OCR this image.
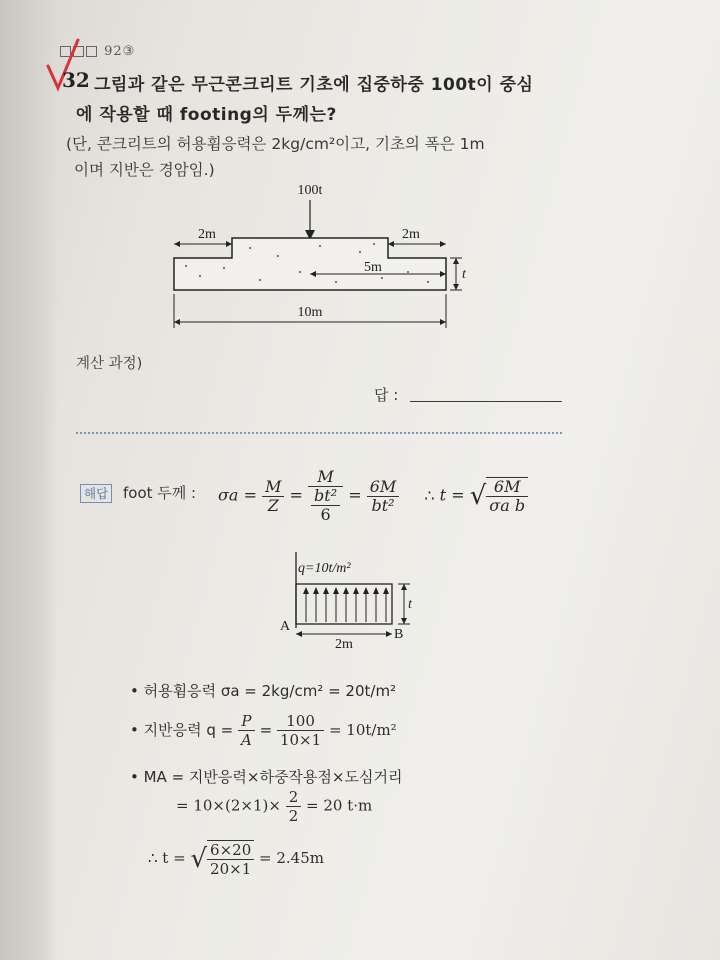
92③
32 그림과 같은 무근콘크리트 기초에 집중하중 100t이 중심
에 작용할 때 footing의 두께는?
(단, 콘크리트의 허용휨응력은 2kg/cm²이고, 기초의 폭은 1m
이며 지반은 경암임.)
100t
2m	2m
5m	t
10m
계산 과정)
답 :
해답 foot 두께 : $\sigma a = \frac{M}{Z} = \frac{M}{\frac{\text{bt²}}{6}} = \frac{6M}{\text{bt²}}$ ∴ t = √ $\frac{6M}{\text{σa b}}$
q=10t/m²
t
A
B
2m
• 허용휨응력 σa = 2kg/cm² = 20t/m²
• 지반응력 $q = \frac{P}{A} = \frac{100}{10\times 1} = 10t/m^2$
• MA = 지반응력×하중작용점×도심거리
= $10\times(2\times 1)\times \frac{2}{2} = 20$ t·m
∴ t = √ $\frac{6\times 20}{20\times 1} = 2.45m$
